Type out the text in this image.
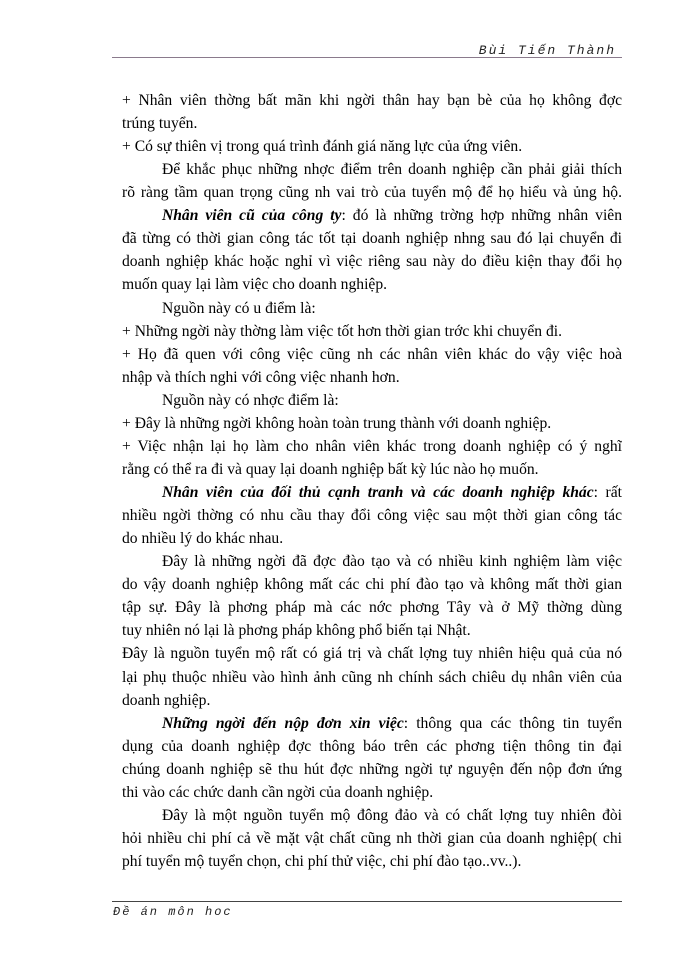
Bùi Tiến Thành
+ Nhân viên thờng bất mãn khi ngời thân hay bạn bè của họ không đợc
trúng tuyển.
+ Có sự thiên vị trong quá trình đánh giá năng lực của ứng viên.
Để khắc phục những nhợc điểm trên doanh nghiệp cần phải giải thích
rõ ràng tầm quan trọng cũng nh vai trò của tuyển mộ để họ hiểu và ủng hộ.
Nhân viên cũ của công ty: đó là những trờng hợp những nhân viên
đã từng có thời gian công tác tốt tại doanh nghiệp nhng sau đó lại chuyển đi
doanh nghiệp khác hoặc nghỉ vì việc riêng sau này do điều kiện thay đổi họ
muốn quay lại làm việc cho doanh nghiệp.
Nguồn này có u điểm là:
+ Những ngời này thờng làm việc tốt hơn thời gian trớc khi chuyển đi.
+ Họ đã quen với công việc cũng nh các nhân viên khác do vậy việc hoà
nhập và thích nghi với công việc nhanh hơn.
Nguồn này có nhợc điểm là:
+ Đây là những ngời không hoàn toàn trung thành với doanh nghiệp.
+ Việc nhận lại họ làm cho nhân viên khác trong doanh nghiệp có ý nghĩ
rằng có thể ra đi và quay lại doanh nghiệp bất kỳ lúc nào họ muốn.
Nhân viên của đối thủ cạnh tranh và các doanh nghiệp khác: rất
nhiều ngời thờng có nhu cầu thay đổi công việc sau một thời gian công tác
do nhiều lý do khác nhau.
Đây là những ngời đã đợc đào tạo và có nhiều kinh nghiệm làm việc
do vậy doanh nghiệp không mất các chi phí đào tạo và không mất thời gian
tập sự. Đây là phơng pháp mà các nớc phơng Tây và ở Mỹ thờng dùng
tuy nhiên nó lại là phơng pháp không phổ biến tại Nhật.
Đây là nguồn tuyển mộ rất có giá trị và chất lợng tuy nhiên hiệu quả của nó
lại phụ thuộc nhiều vào hình ảnh cũng nh chính sách chiêu dụ nhân viên của
doanh nghiệp.
Những ngời đến nộp đơn xin việc: thông qua các thông tin tuyển
dụng của doanh nghiệp đợc thông báo trên các phơng tiện thông tin đại
chúng doanh nghiệp sẽ thu hút đợc những ngời tự nguyện đến nộp đơn ứng
thi vào các chức danh cần ngời của doanh nghiệp.
Đây là một nguồn tuyển mộ đông đảo và có chất lợng tuy nhiên đòi
hỏi nhiều chi phí cả về mặt vật chất cũng nh thời gian của doanh nghiệp( chi
phí tuyển mộ tuyển chọn, chi phí thử việc, chi phí đào tạo..vv..).
Đề án môn hoc
